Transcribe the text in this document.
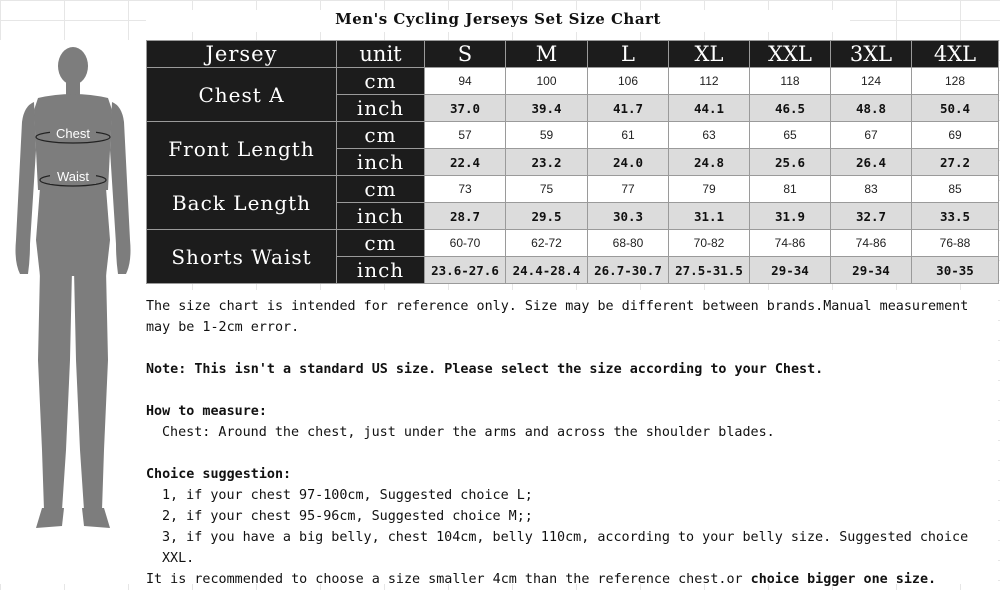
Men's Cycling Jerseys Set Size Chart
Chest
Waist
Jersey	unit	S	M	L	XL	XXL	3XL	4XL
Chest A	cm	94	100	106	112	118	124	128
	inch	37.0	39.4	41.7	44.1	46.5	48.8	50.4
Front Length	cm	57	59	61	63	65	67	69
	inch	22.4	23.2	24.0	24.8	25.6	26.4	27.2
Back Length	cm	73	75	77	79	81	83	85
	inch	28.7	29.5	30.3	31.1	31.9	32.7	33.5
Shorts Waist	cm	60-70	62-72	68-80	70-82	74-86	74-86	76-88
	inch	23.6-27.6	24.4-28.4	26.7-30.7	27.5-31.5	29-34	29-34	30-35

The size chart is intended for reference only. Size may be different between brands.Manual measurement may be 1-2cm error.

Note: This isn't a standard US size. Please select the size according to your Chest.

How to measure:

Chest: Around the chest, just under the arms and across the shoulder blades.

Choice suggestion:

1, if your chest 97-100cm, Suggested choice L;

2, if your chest 95-96cm, Suggested choice M;;

3, if you have a big belly, chest 104cm, belly 110cm, according to your belly size. Suggested choice XXL.

It is recommended to choose a size smaller 4cm than the reference chest.or choice bigger one size.
